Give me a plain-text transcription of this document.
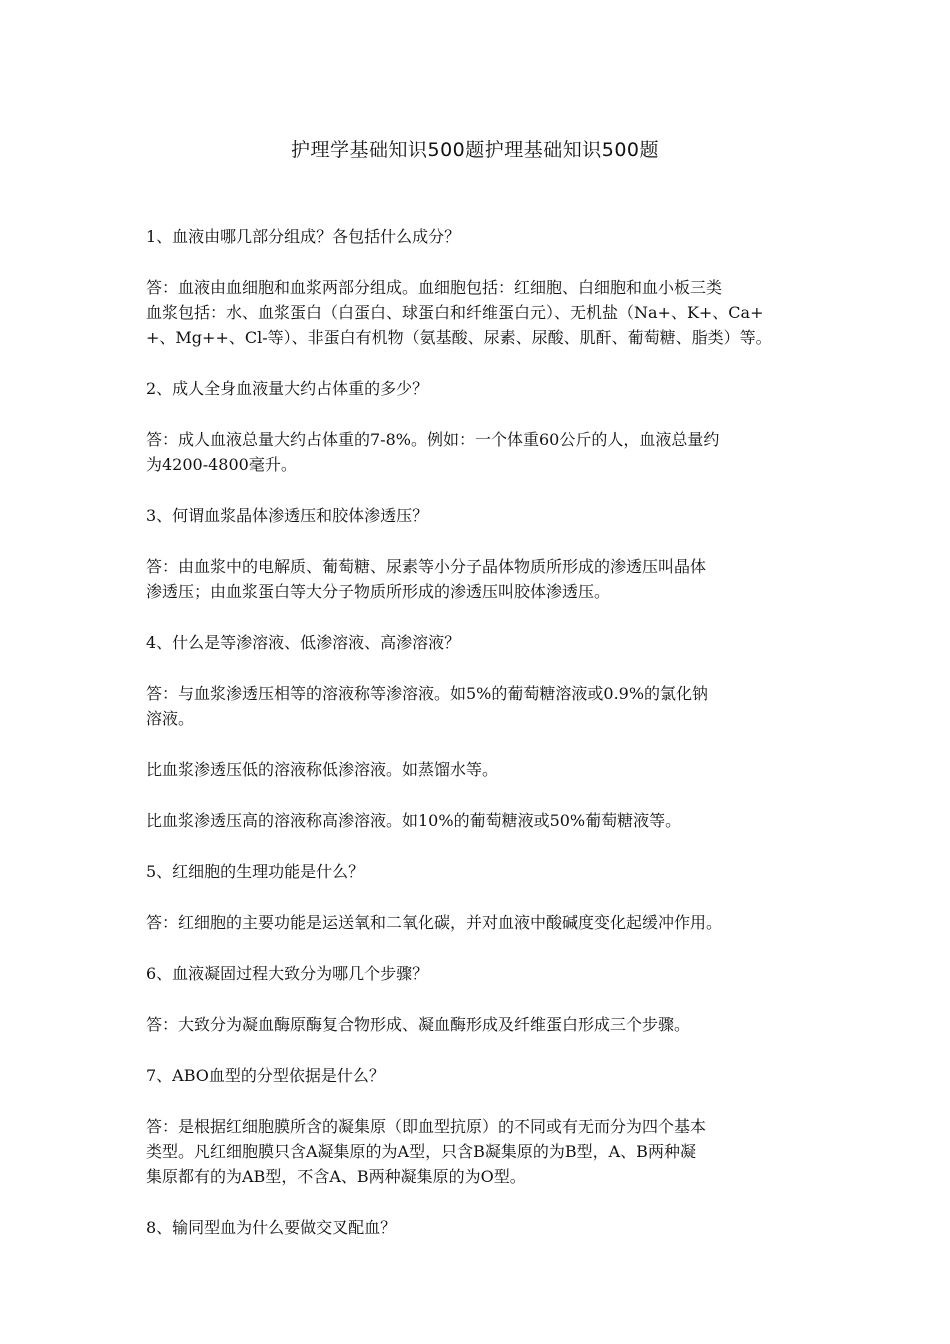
护理学基础知识500题护理基础知识500题

1、血液由哪几部分组成？各包括什么成分？

答：血液由血细胞和血浆两部分组成。血细胞包括：红细胞、白细胞和血小板三类
血浆包括：水、血浆蛋白（白蛋白、球蛋白和纤维蛋白元）、无机盐（Na+、K+、Ca+
+、Mg++、Cl-等）、非蛋白有机物（氨基酸、尿素、尿酸、肌酐、葡萄糖、脂类）等。

2、成人全身血液量大约占体重的多少？

答：成人血液总量大约占体重的7-8%。例如：一个体重60公斤的人，血液总量约
为4200-4800毫升。

3、何谓血浆晶体渗透压和胶体渗透压？

答：由血浆中的电解质、葡萄糖、尿素等小分子晶体物质所形成的渗透压叫晶体
渗透压；由血浆蛋白等大分子物质所形成的渗透压叫胶体渗透压。

4、什么是等渗溶液、低渗溶液、高渗溶液？

答：与血浆渗透压相等的溶液称等渗溶液。如5%的葡萄糖溶液或0.9%的氯化钠
溶液。

比血浆渗透压低的溶液称低渗溶液。如蒸馏水等。

比血浆渗透压高的溶液称高渗溶液。如10%的葡萄糖液或50%葡萄糖液等。

5、红细胞的生理功能是什么？

答：红细胞的主要功能是运送氧和二氧化碳，并对血液中酸碱度变化起缓冲作用。

6、血液凝固过程大致分为哪几个步骤？

答：大致分为凝血酶原酶复合物形成、凝血酶形成及纤维蛋白形成三个步骤。

7、ABO血型的分型依据是什么？

答：是根据红细胞膜所含的凝集原（即血型抗原）的不同或有无而分为四个基本
类型。凡红细胞膜只含A凝集原的为A型，只含B凝集原的为B型，A、B两种凝
集原都有的为AB型，不含A、B两种凝集原的为O型。

8、输同型血为什么要做交叉配血？
